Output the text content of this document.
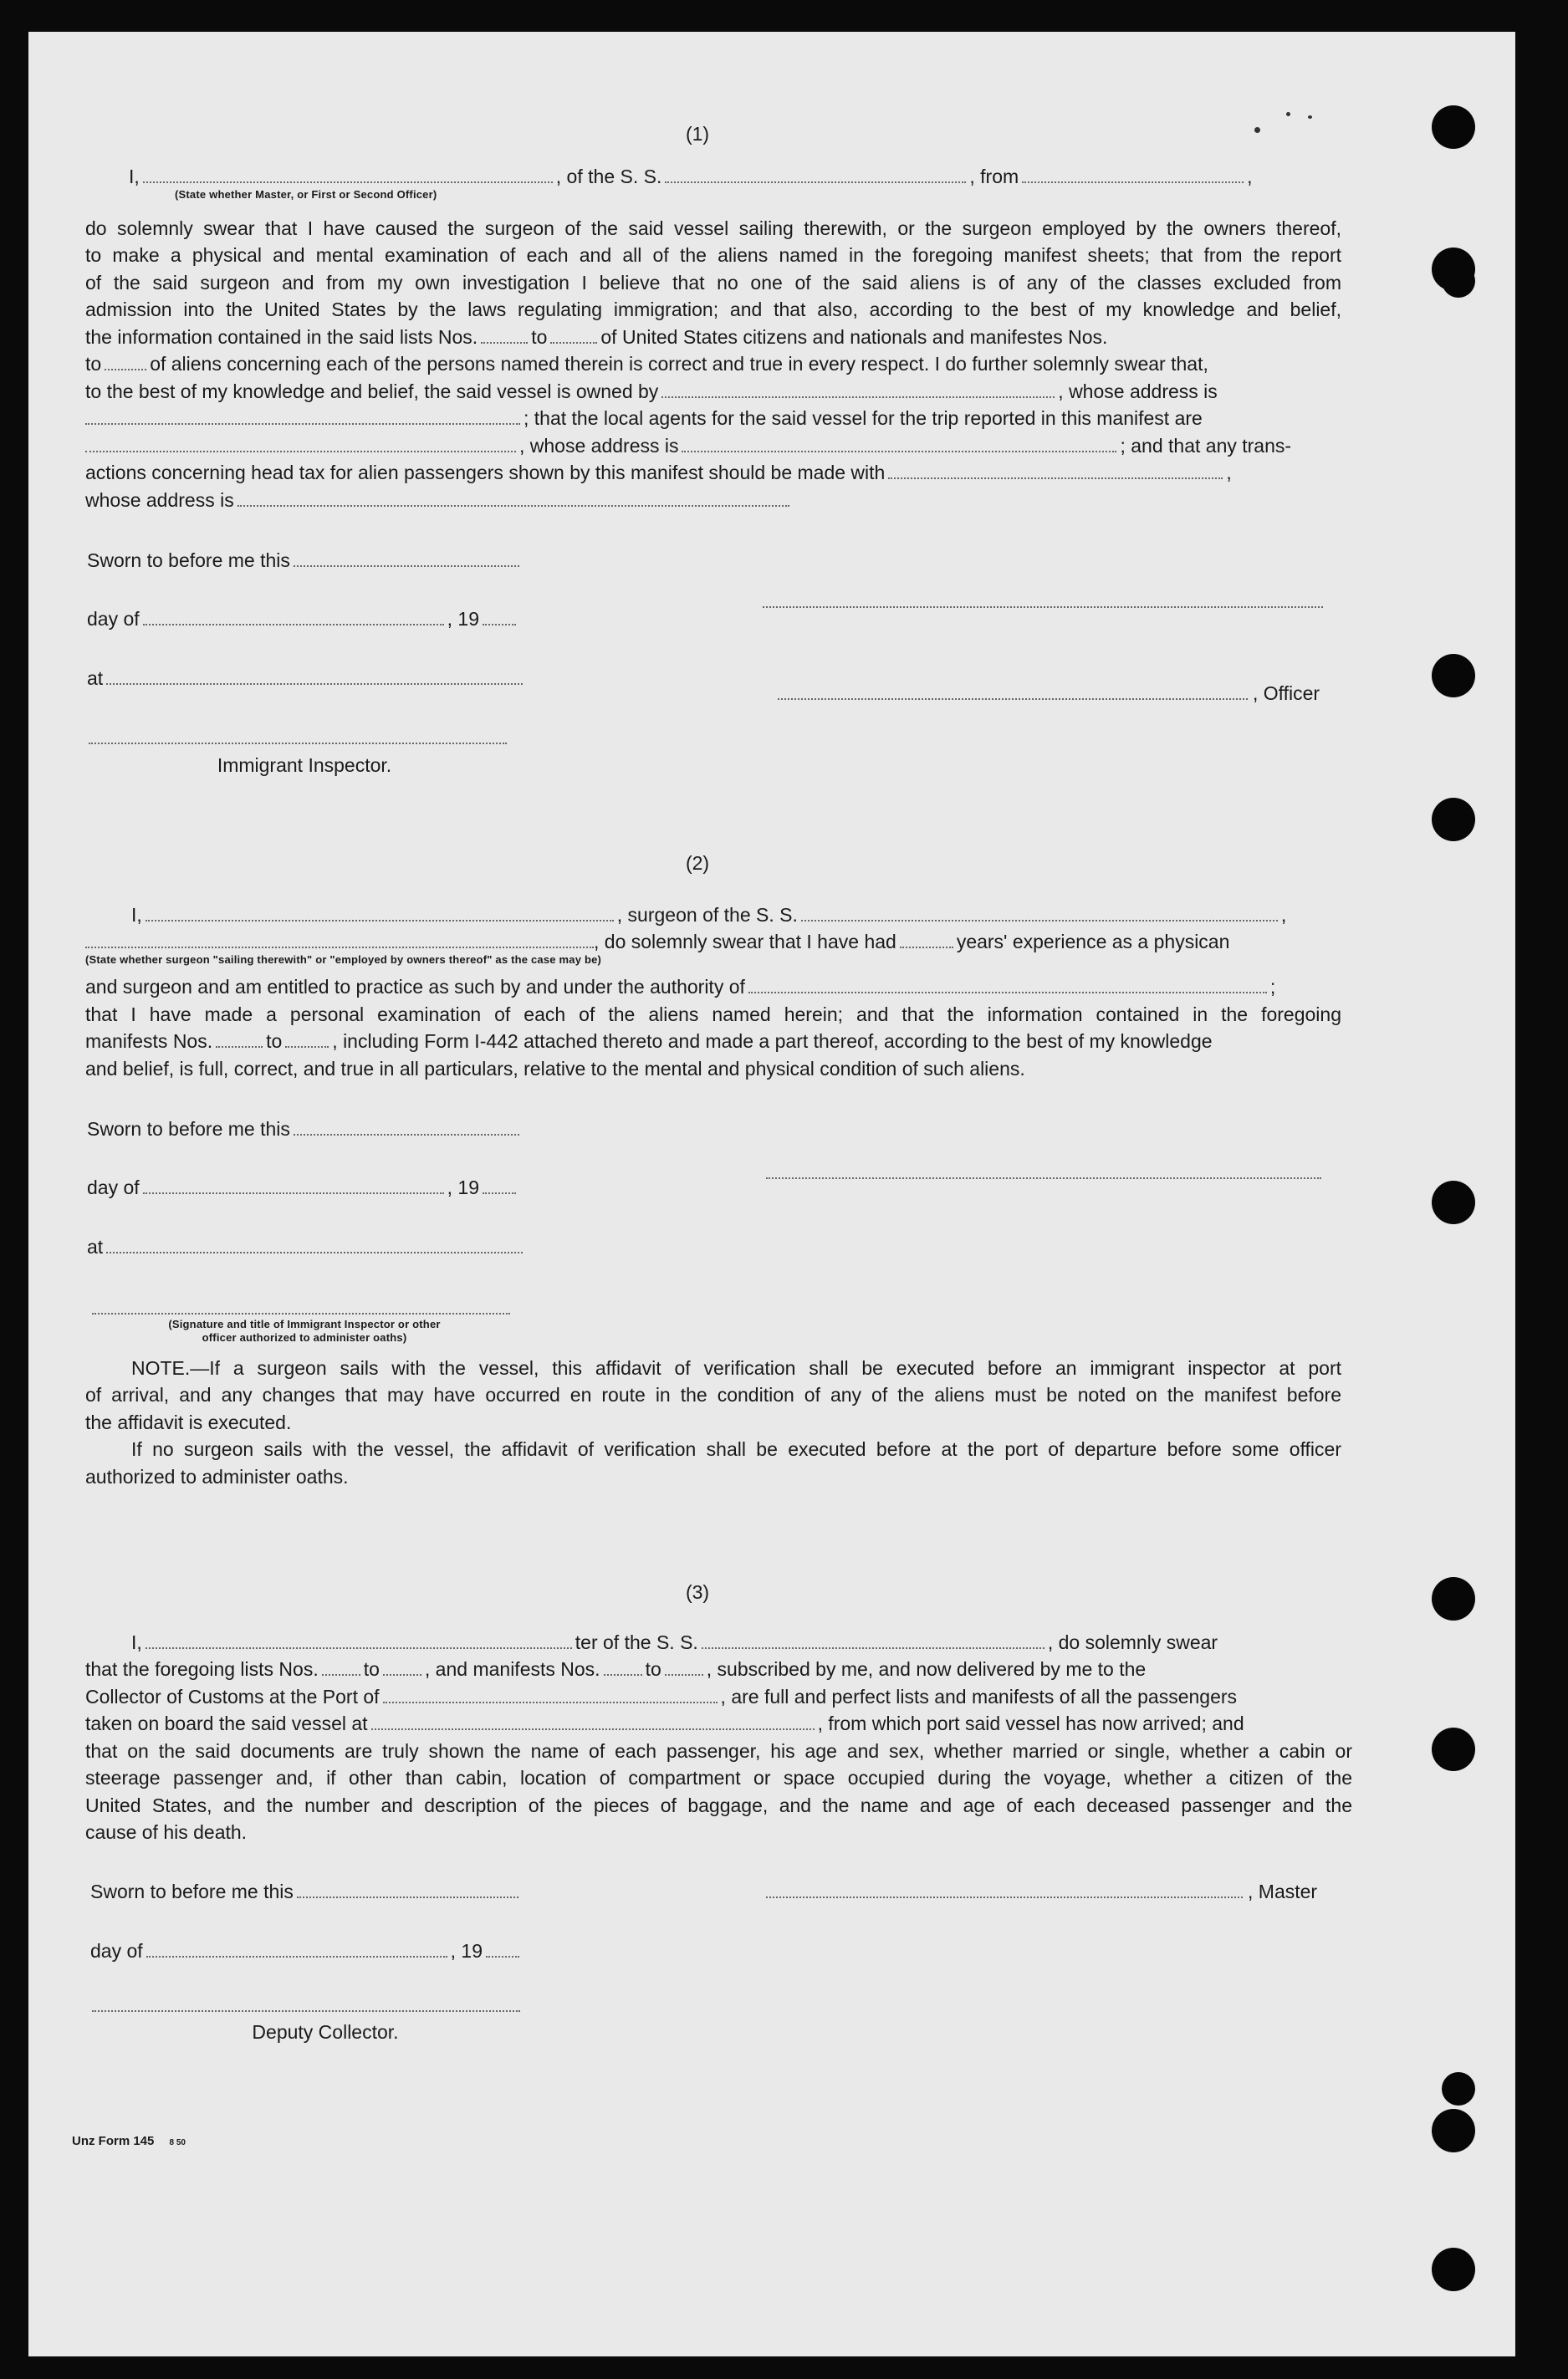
(1)
I,	, of the S. S.	, from	,
(State whether Master, or First or Second Officer)
do solemnly swear that I have caused the surgeon of the said vessel sailing therewith, or the surgeon employed by the owners thereof,
to make a physical and mental examination of each and all of the aliens named in the foregoing manifest sheets; that from the report
of the said surgeon and from my own investigation I believe that no one of the said aliens is of any of the classes excluded from
admission into the United States by the laws regulating immigration; and that also, according to the best of my knowledge and belief,
the information contained in the said lists Nos.	to	of United States citizens and nationals and manifestes Nos.
to	of aliens concerning each of the persons named therein is correct and true in every respect. I do further solemnly swear that,
to the best of my knowledge and belief, the said vessel is owned by	, whose address is
; that the local agents for the said vessel for the trip reported in this manifest are
, whose address is	; and that any trans-
actions concerning head tax for alien passengers shown by this manifest should be made with	,
whose address is
Sworn to before me this
day of	, 19
at
, Officer
Immigrant Inspector.
(2)
I,	, surgeon of the S. S.	,
, do solemnly swear that I have had	years' experience as a physican
(State whether surgeon "sailing therewith" or "employed by owners thereof" as the case may be)
and surgeon and am entitled to practice as such by and under the authority of	;
that I have made a personal examination of each of the aliens named herein; and that the information contained in the foregoing
manifests Nos.	to	, including Form I-442 attached thereto and made a part thereof, according to the best of my knowledge
and belief, is full, correct, and true in all particulars, relative to the mental and physical condition of such aliens.
Sworn to before me this
day of	, 19
at
(Signature and title of Immigrant Inspector or other
officer authorized to administer oaths)
NOTE.—If a surgeon sails with the vessel, this affidavit of verification shall be executed before an immigrant inspector at port
of arrival, and any changes that may have occurred en route in the condition of any of the aliens must be noted on the manifest before
the affidavit is executed.
If no surgeon sails with the vessel, the affidavit of verification shall be executed before at the port of departure before some officer
authorized to administer oaths.
(3)
I,	ter of the S. S.	, do solemnly swear
that the foregoing lists Nos. to , and manifests Nos. to , subscribed by me, and now delivered by me to the
Collector of Customs at the Port of	, are full and perfect lists and manifests of all the passengers
taken on board the said vessel at	, from which port said vessel has now arrived; and
that on the said documents are truly shown the name of each passenger, his age and sex, whether married or single, whether a cabin or
steerage passenger and, if other than cabin, location of compartment or space occupied during the voyage, whether a citizen of the
United States, and the number and description of the pieces of baggage, and the name and age of each deceased passenger and the
cause of his death.
Sworn to before me this	, Master
day of	, 19
Deputy Collector.
Unz Form 145 8 50
